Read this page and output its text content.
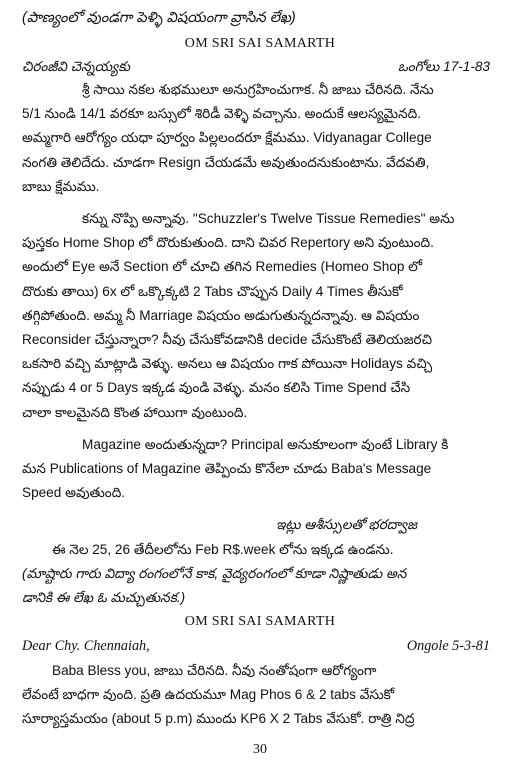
(పాణ్యంలో వుండగా పెళ్ళి విషయంగా వ్రాసిన లేఖ)
OM SRI SAI SAMARTH
చిరంజీవి చెన్నయ్యకు	ఒంగోలు 17-1-83
శ్రీ సాయి నకల శుభములూ అనుగ్రహించుగాక. నీ జాబు చేరినది. నేను
5/1 నుండి 14/1 వరకూ బస్సులో శిరిడీ వెళ్ళి వచ్చాను. అందుకే ఆలస్యమైనది.
అమ్మగారి ఆరోగ్యం యధా పూర్వం పిల్లలందరూ క్షేమము. Vidyanagar College
నంగతి తెలిదేదు. చూడగా Resign చేయడమే అవుతుందనుకుంటాను. వేదవతి,
బాబు క్షేమము.
కన్ను నొప్పి అన్నావు. "Schuzzler's Twelve Tissue Remedies" అను
పుస్తకం Home Shop లో దొరుకుతుంది. దాని చివర Repertory అని వుంటుంది.
అందులో Eye అనే Section లో చూచి తగిన Remedies (Homeo Shop లో
దొరుకు తాయి) 6x లో ఒక్కొక్కటి 2 Tabs చొప్పున Daily 4 Times తీసుకో
తగ్గిపోతుంది. అమ్మ నీ Marriage విషయం అడుగుతున్నదన్నావు. ఆ విషయం
Reconsider చేస్తున్నారా? నీవు చేసుకోవడానికి decide చేసుకొంటే తెలియజరచి
ఒకసారి వచ్చి మాట్లాడి వెళ్ళు. అనలు ఆ విషయం గాక పోయినా Holidays వచ్చి
నప్పుడు 4 or 5 Days ఇక్కడ వుండి వెళ్ళు. మనం కలిసి Time Spend చేసి
చాలా కాలమైనది కొంత హాయిగా వుంటుంది.
Magazine అందుతున్నదా? Principal అనుకూలంగా వుంటే Library కి
మన Publications of Magazine తెప్పించు కొనేలా చూడు Baba's Message
Speed అవుతుంది.
ఇట్లు ఆశీస్సులతో భరద్వాజ
ఈ నెల 25, 26 తేదీలలోను Feb R$.week లోను ఇక్కడ ఉండను.
(మాష్టారు గారు విద్యా రంగంలోనే కాక, వైద్యరంగంలో కూడా నిష్ణాతుడు అన
డానికి ఈ లేఖ ఓ మచ్చుతునక.)
OM SRI SAI SAMARTH
Dear Chy. Chennaiah,	Ongole 5-3-81
Baba Bless you, జాబు చేరినది. నీవు నంతోషంగా ఆరోగ్యంగా
లేవంటే బాధగా వుంది. ప్రతి ఉదయమూ Mag Phos 6 & 2 tabs వేసుకో
30
సూర్యాస్తమయం (about 5 p.m) ముందు KP6 X 2 Tabs వేసుకో. రాత్రి నిద్ర
